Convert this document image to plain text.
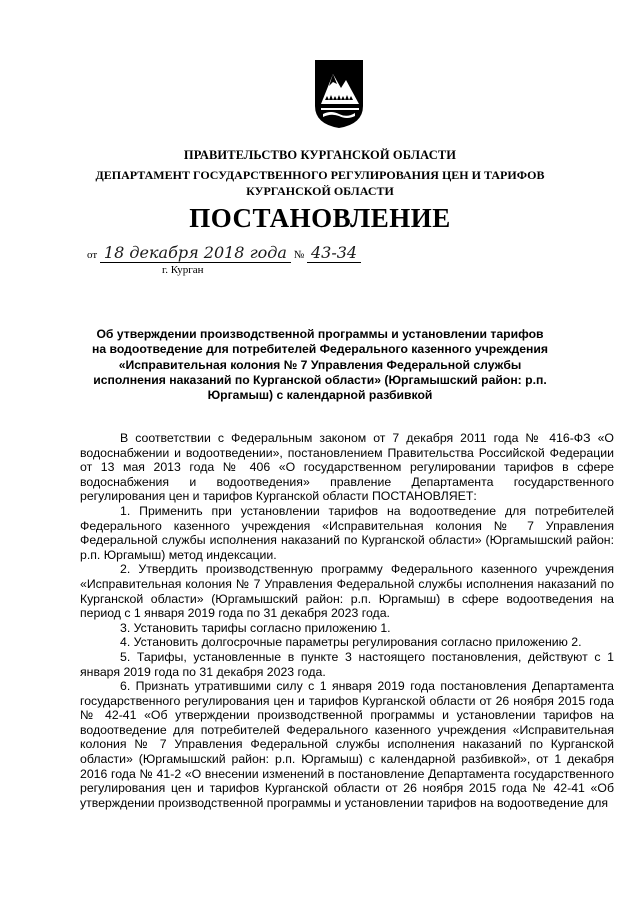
ПРАВИТЕЛЬСТВО КУРГАНСКОЙ ОБЛАСТИ
ДЕПАРТАМЕНТ ГОСУДАРСТВЕННОГО РЕГУЛИРОВАНИЯ ЦЕН И ТАРИФОВ
КУРГАНСКОЙ ОБЛАСТИ
ПОСТАНОВЛЕНИЕ
от 18 декабря 2018 года № 43-34
г. Курган
Об утверждении производственной программы и установлении тарифов на водоотведение для потребителей Федерального казенного учреждения «Исправительная колония № 7 Управления Федеральной службы исполнения наказаний по Курганской области» (Юргамышский район: р.п. Юргамыш) с календарной разбивкой

В соответствии с Федеральным законом от 7 декабря 2011 года № 416-ФЗ «О водоснабжении и водоотведении», постановлением Правительства Российской Федерации от 13 мая 2013 года № 406 «О государственном регулировании тарифов в сфере водоснабжения и водоотведения» правление Департамента государственного регулирования цен и тарифов Курганской области ПОСТАНОВЛЯЕТ:

1. Применить при установлении тарифов на водоотведение для потребителей Федерального казенного учреждения «Исправительная колония № 7 Управления Федеральной службы исполнения наказаний по Курганской области» (Юргамышский район: р.п. Юргамыш) метод индексации.

2. Утвердить производственную программу Федерального казенного учреждения «Исправительная колония № 7 Управления Федеральной службы исполнения наказаний по Курганской области» (Юргамышский район: р.п. Юргамыш) в сфере водоотведения на период с 1 января 2019 года по 31 декабря 2023 года.

3. Установить тарифы согласно приложению 1.

4. Установить долгосрочные параметры регулирования согласно приложению 2.

5. Тарифы, установленные в пункте 3 настоящего постановления, действуют с 1 января 2019 года по 31 декабря 2023 года.

6. Признать утратившими силу с 1 января 2019 года постановления Департамента государственного регулирования цен и тарифов Курганской области от 26 ноября 2015 года № 42-41 «Об утверждении производственной программы и установлении тарифов на водоотведение для потребителей Федерального казенного учреждения «Исправительная колония № 7 Управления Федеральной службы исполнения наказаний по Курганской области» (Юргамышский район: р.п. Юргамыш) с календарной разбивкой», от 1 декабря 2016 года № 41-2 «О внесении изменений в постановление Департамента государственного регулирования цен и тарифов Курганской области от 26 ноября 2015 года № 42-41 «Об утверждении производственной программы и установлении тарифов на водоотведение для
